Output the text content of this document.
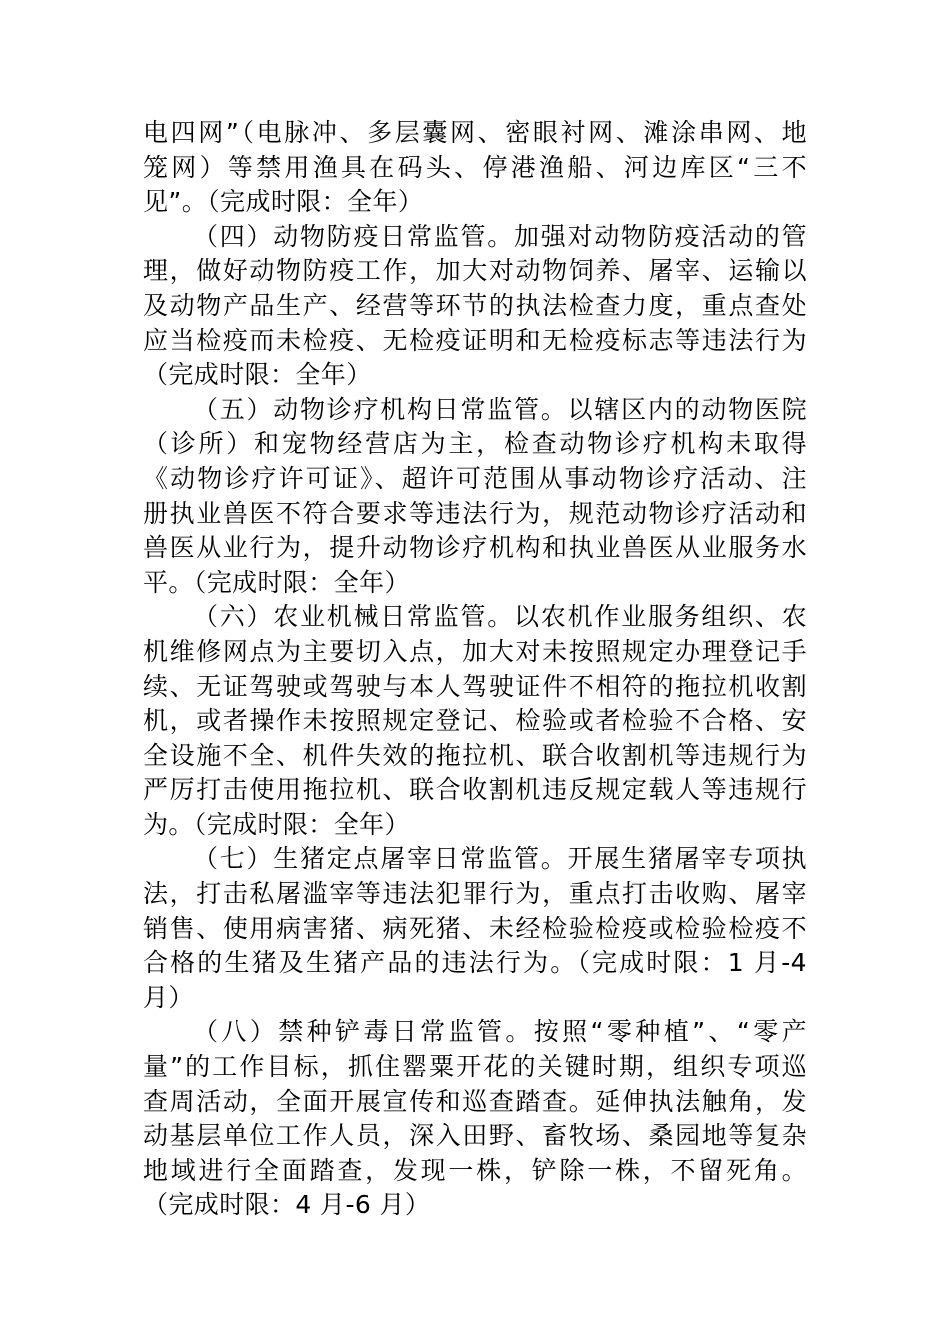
电四网”（电脉冲、多层囊网、密眼衬网、滩涂串网、地
笼网）等禁用渔具在码头、停港渔船、河边库区“三不
见”。（完成时限：全年）
（四）动物防疫日常监管。加强对动物防疫活动的管
理，做好动物防疫工作，加大对动物饲养、屠宰、运输以
及动物产品生产、经营等环节的执法检查力度，重点查处
应当检疫而未检疫、无检疫证明和无检疫标志等违法行为
（完成时限：全年）
（五）动物诊疗机构日常监管。以辖区内的动物医院
（诊所）和宠物经营店为主，检查动物诊疗机构未取得
《动物诊疗许可证》、超许可范围从事动物诊疗活动、注
册执业兽医不符合要求等违法行为，规范动物诊疗活动和
兽医从业行为，提升动物诊疗机构和执业兽医从业服务水
平。（完成时限：全年）
（六）农业机械日常监管。以农机作业服务组织、农
机维修网点为主要切入点，加大对未按照规定办理登记手
续、无证驾驶或驾驶与本人驾驶证件不相符的拖拉机收割
机，或者操作未按照规定登记、检验或者检验不合格、安
全设施不全、机件失效的拖拉机、联合收割机等违规行为
严厉打击使用拖拉机、联合收割机违反规定载人等违规行
为。（完成时限：全年）
（七）生猪定点屠宰日常监管。开展生猪屠宰专项执
法，打击私屠滥宰等违法犯罪行为，重点打击收购、屠宰
销售、使用病害猪、病死猪、未经检验检疫或检验检疫不
合格的生猪及生猪产品的违法行为。（完成时限：1 月-4
月）
（八）禁种铲毒日常监管。按照“零种植”、“零产
量”的工作目标，抓住罂粟开花的关键时期，组织专项巡
查周活动，全面开展宣传和巡查踏查。延伸执法触角，发
动基层单位工作人员，深入田野、畜牧场、桑园地等复杂
地域进行全面踏查，发现一株，铲除一株，不留死角。
（完成时限：4 月-6 月）
